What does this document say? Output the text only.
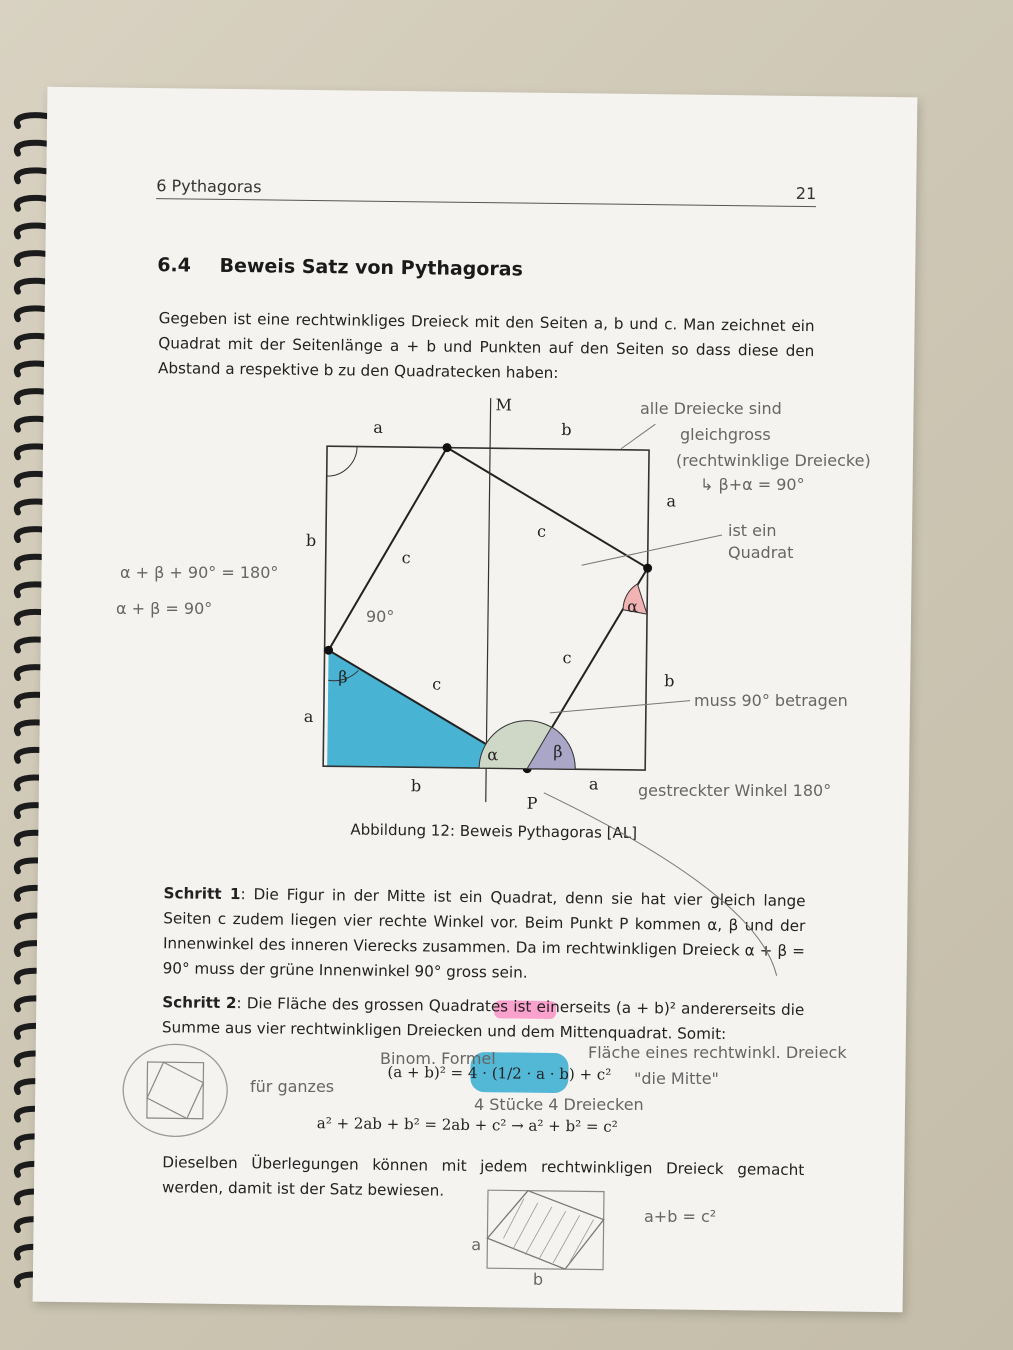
6 Pythagoras	21
6.4 Beweis Satz von Pythagoras
Gegeben ist eine rechtwinkliges Dreieck mit den Seiten a, b und c. Man zeichnet ein Quadrat mit der Seitenlänge a + b und Punkten auf den Seiten so dass diese den Abstand a respektive b zu den Quadratecken haben:
a	b
M
b
a
a
b
b	a
c
c
c
c
P
α
α	β
β
Abbildung 12: Beweis Pythagoras [AL]
Schritt 1: Die Figur in der Mitte ist ein Quadrat, denn sie hat vier gleich lange Seiten c zudem liegen vier rechte Winkel vor. Beim Punkt P kommen α, β und der Innenwinkel des inneren Vierecks zusammen. Da im rechtwinkligen Dreieck α + β = 90° muss der grüne Innenwinkel 90° gross sein.
Schritt 2: Die Fläche des grossen Quadrates ist einerseits (a + b)² andererseits die Summe aus vier rechtwinkligen Dreiecken und dem Mittenquadrat. Somit:
(a + b)² = 4 · (1/2 · a · b) + c²
a² + 2ab + b² = 2ab + c² → a² + b² = c²
Dieselben Überlegungen können mit jedem rechtwinkligen Dreieck gemacht werden, damit ist der Satz bewiesen.
a
b
alle Dreiecke sind
gleichgross
(rechtwinklige Dreiecke)
↳ β+α = 90°
ist ein
Quadrat
α + β + 90° = 180°
α + β = 90°	90°
muss 90° betragen
gestreckter Winkel 180°
Binom. Formel	Fläche eines rechtwinkl. Dreieck
"die Mitte"
4 Stücke 4 Dreiecken
für ganzes
a+b = c²
